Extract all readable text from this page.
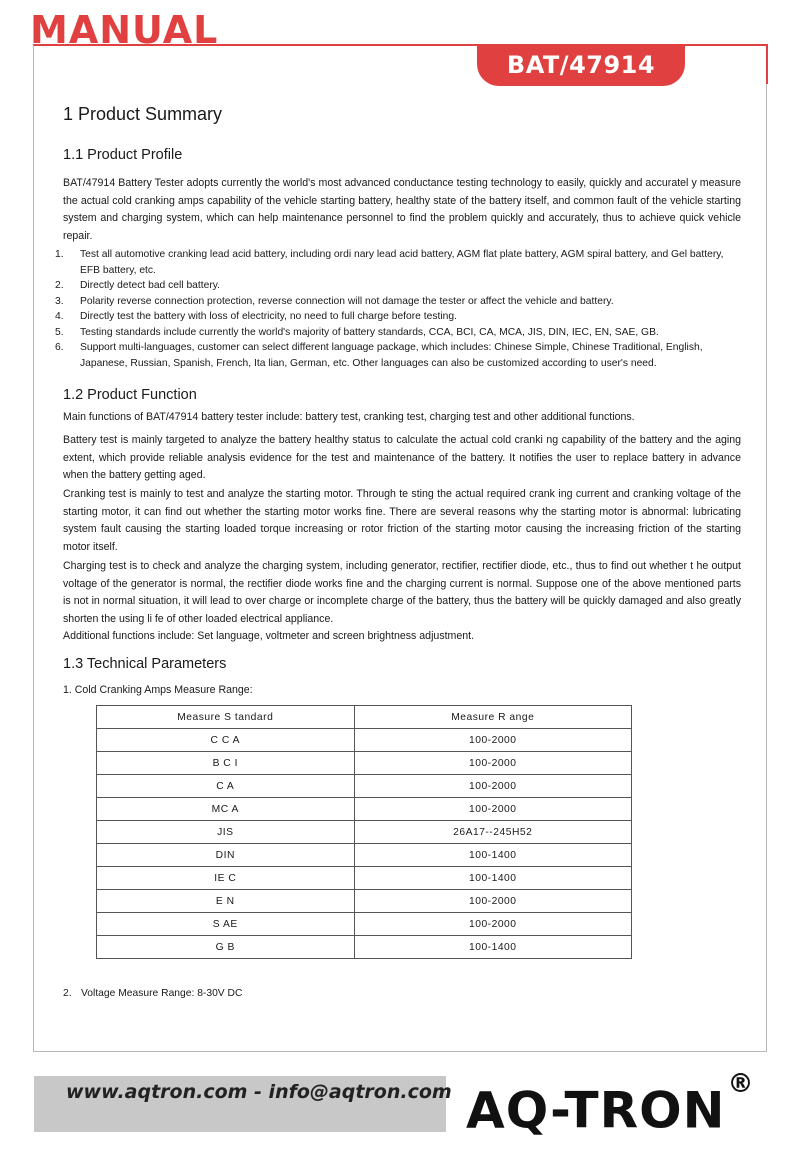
MANUAL
BAT/47914
1 Product Summary
1.1 Product Profile

BAT/47914 Battery Tester adopts currently the world's most advanced conductance testing technology to easily, quickly and accuratel y measure the actual cold cranking amps capability of the vehicle starting battery, healthy state of the battery itself, and common fault of the vehicle starting system and charging system, which can help maintenance personnel to find the problem quickly and accurately, thus to achieve quick vehicle repair.

1. Test all automotive cranking lead acid battery, including ordi nary lead acid battery, AGM flat plate battery, AGM spiral battery, and Gel battery, EFB battery, etc.
2. Directly detect bad cell battery.
3. Polarity reverse connection protection, reverse connection will not damage the tester or affect the vehicle and battery.
4. Directly test the battery with loss of electricity, no need to full charge before testing.
5. Testing standards include currently the world's majority of battery standards, CCA, BCI, CA, MCA, JIS, DIN, IEC, EN, SAE, GB.
6. Support multi-languages, customer can select different language package, which includes: Chinese Simple, Chinese Traditional, English, Japanese, Russian, Spanish, French, Ita lian, German, etc. Other languages can also be customized according to user's need.
1.2 Product Function

Main functions of BAT/47914 battery tester include: battery test, cranking test, charging test and other additional functions.

Battery test is mainly targeted to analyze the battery healthy status to calculate the actual cold cranki ng capability of the battery and the aging extent, which provide reliable analysis evidence for the test and maintenance of the battery. It notifies the user to replace battery in advance when the battery getting aged.

Cranking test is mainly to test and analyze the starting motor. Through te sting the actual required crank ing current and cranking voltage of the starting motor, it can find out whether the starting motor works fine. There are several reasons why the starting motor is abnormal: lubricating system fault causing the starting loaded torque increasing or rotor friction of the starting motor causing the increasing friction of the starting motor itself.

Charging test is to check and analyze the charging system, including generator, rectifier, rectifier diode, etc., thus to find out whether t he output voltage of the generator is normal, the rectifier diode works fine and the charging current is normal. Suppose one of the above mentioned parts is not in normal situation, it will lead to over charge or incomplete charge of the battery, thus the battery will be quickly damaged and also greatly shorten the using li fe of other loaded electrical appliance.

Additional functions include: Set language, voltmeter and screen brightness adjustment.

1.3 Technical Parameters

1. Cold Cranking Amps Measure Range:

Measure S tandard	Measure R ange
C C A	100-2000
B C I	100-2000
C A	100-2000
MC A	100-2000
JIS	26A17--245H52
DIN	100-1400
IE C	100-1400
E N	100-2000
S AE	100-2000
G B	100-1400
2. Voltage Measure Range: 8-30V DC
www.aqtron.com - info@aqtron.com AQ-TRON®
